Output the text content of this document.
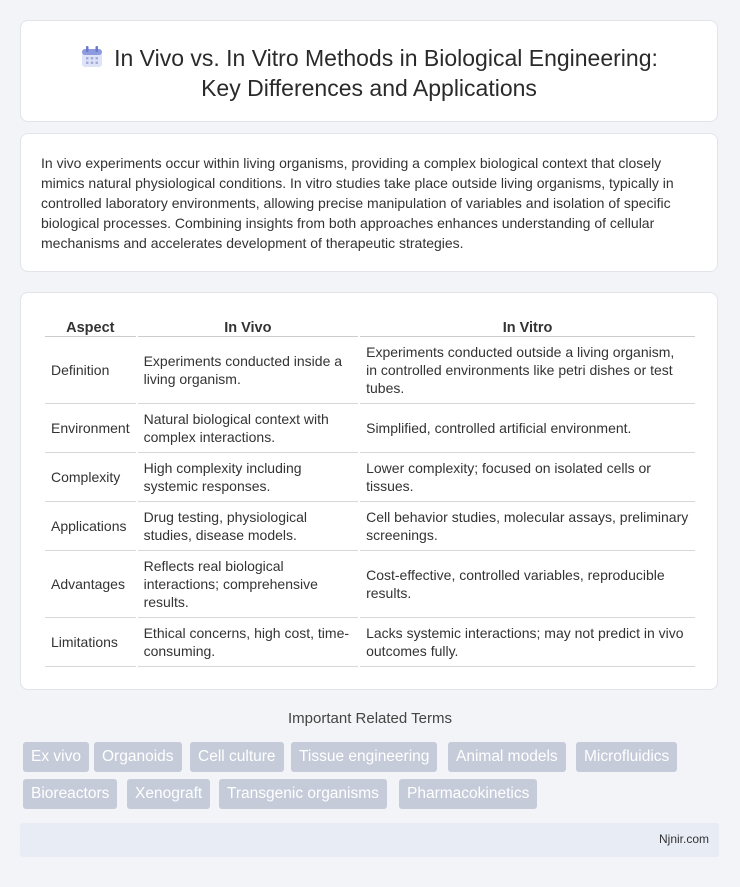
In Vivo vs. In Vitro Methods in Biological Engineering:
Key Differences and Applications

In vivo experiments occur within living organisms, providing a complex biological context that closely mimics natural physiological conditions. In vitro studies take place outside living organisms, typically in controlled laboratory environments, allowing precise manipulation of variables and isolation of specific biological processes. Combining insights from both approaches enhances understanding of cellular mechanisms and accelerates development of therapeutic strategies.

Aspect	In Vivo	In Vitro
Definition	Experiments conducted inside a living organism.	Experiments conducted outside a living organism, in controlled environments like petri dishes or test tubes.
Environment	Natural biological context with complex interactions.	Simplified, controlled artificial environment.
Complexity	High complexity including systemic responses.	Lower complexity; focused on isolated cells or tissues.
Applications	Drug testing, physiological studies, disease models.	Cell behavior studies, molecular assays, preliminary screenings.
Advantages	Reflects real biological interactions; comprehensive results.	Cost-effective, controlled variables, reproducible results.
Limitations	Ethical concerns, high cost, time-consuming.	Lacks systemic interactions; may not predict in vivo outcomes fully.
Important Related Terms
Ex vivo	Organoids	Cell culture	Tissue engineering	Animal models	Microfluidics
Bioreactors	Xenograft	Transgenic organisms	Pharmacokinetics
Njnir.com
